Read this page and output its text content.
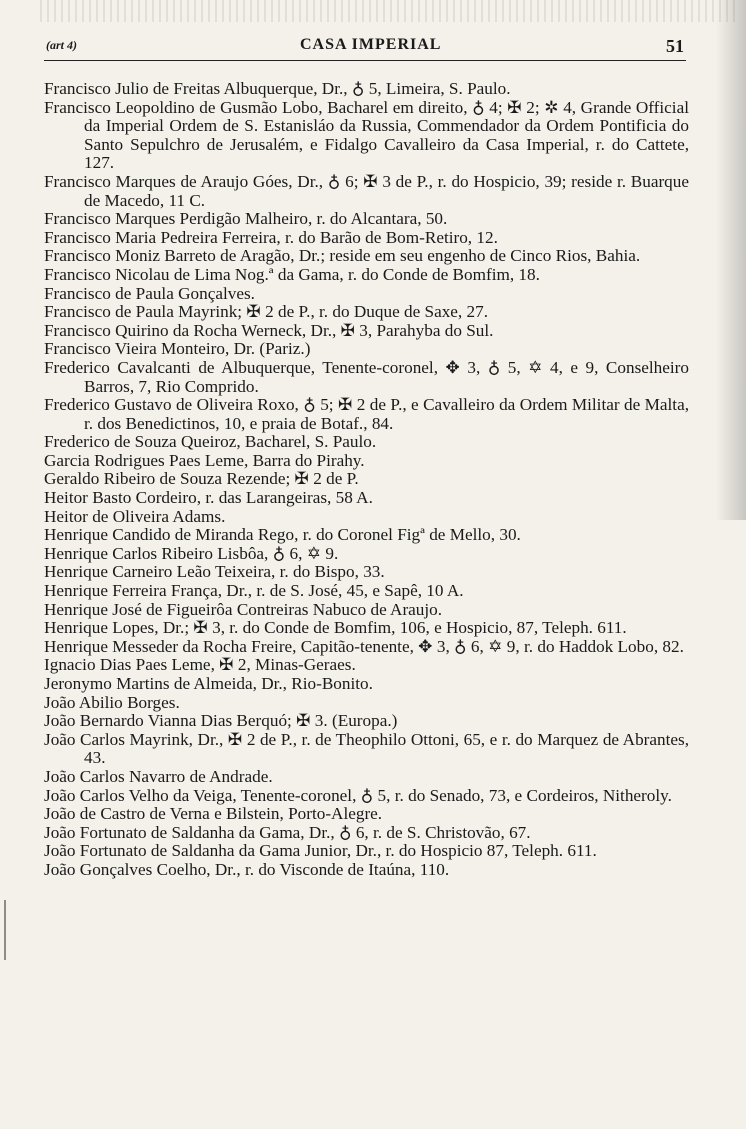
(art 4)	CASA IMPERIAL	51
Francisco Julio de Freitas Albuquerque, Dr., ♁ 5, Limeira, S. Paulo.
Francisco Leopoldino de Gusmão Lobo, Bacharel em direito, ♁ 4; ✠ 2; ✲ 4, Grande Official da Imperial Ordem de S. Estanisláo da Russia, Commendador da Ordem Pontificia do Santo Sepulchro de Jerusalém, e Fidalgo Cavalleiro da Casa Imperial, r. do Cattete, 127.
Francisco Marques de Araujo Góes, Dr., ♁ 6; ✠ 3 de P., r. do Hospicio, 39; reside r. Buarque de Macedo, 11 C.
Francisco Marques Perdigão Malheiro, r. do Alcantara, 50.
Francisco Maria Pedreira Ferreira, r. do Barão de Bom-Retiro, 12.
Francisco Moniz Barreto de Aragão, Dr.; reside em seu engenho de Cinco Rios, Bahia.
Francisco Nicolau de Lima Nog.ª da Gama, r. do Conde de Bomfim, 18.
Francisco de Paula Gonçalves.
Francisco de Paula Mayrink; ✠ 2 de P., r. do Duque de Saxe, 27.
Francisco Quirino da Rocha Werneck, Dr., ✠ 3, Parahyba do Sul.
Francisco Vieira Monteiro, Dr. (Pariz.)
Frederico Cavalcanti de Albuquerque, Tenente-coronel, ✥ 3, ♁ 5, ✡ 4, e 9, Conselheiro Barros, 7, Rio Comprido.
Frederico Gustavo de Oliveira Roxo, ♁ 5; ✠ 2 de P., e Cavalleiro da Ordem Militar de Malta, r. dos Benedictinos, 10, e praia de Botaf., 84.
Frederico de Souza Queiroz, Bacharel, S. Paulo.
Garcia Rodrigues Paes Leme, Barra do Pirahy.
Geraldo Ribeiro de Souza Rezende; ✠ 2 de P.
Heitor Basto Cordeiro, r. das Larangeiras, 58 A.
Heitor de Oliveira Adams.
Henrique Candido de Miranda Rego, r. do Coronel Figª de Mello, 30.
Henrique Carlos Ribeiro Lisbôa, ♁ 6, ✡ 9.
Henrique Carneiro Leão Teixeira, r. do Bispo, 33.
Henrique Ferreira França, Dr., r. de S. José, 45, e Sapê, 10 A.
Henrique José de Figueirôa Contreiras Nabuco de Araujo.
Henrique Lopes, Dr.; ✠ 3, r. do Conde de Bomfim, 106, e Hospicio, 87, Teleph. 611.
Henrique Messeder da Rocha Freire, Capitão-tenente, ✥ 3, ♁ 6, ✡ 9, r. do Haddok Lobo, 82.
Ignacio Dias Paes Leme, ✠ 2, Minas-Geraes.
Jeronymo Martins de Almeida, Dr., Rio-Bonito.
João Abilio Borges.
João Bernardo Vianna Dias Berquó; ✠ 3. (Europa.)
João Carlos Mayrink, Dr., ✠ 2 de P., r. de Theophilo Ottoni, 65, e r. do Marquez de Abrantes, 43.
João Carlos Navarro de Andrade.
João Carlos Velho da Veiga, Tenente-coronel, ♁ 5, r. do Senado, 73, e Cordeiros, Nitheroly.
João de Castro de Verna e Bilstein, Porto-Alegre.
João Fortunato de Saldanha da Gama, Dr., ♁ 6, r. de S. Christovão, 67.
João Fortunato de Saldanha da Gama Junior, Dr., r. do Hospicio 87, Teleph. 611.
João Gonçalves Coelho, Dr., r. do Visconde de Itaúna, 110.
